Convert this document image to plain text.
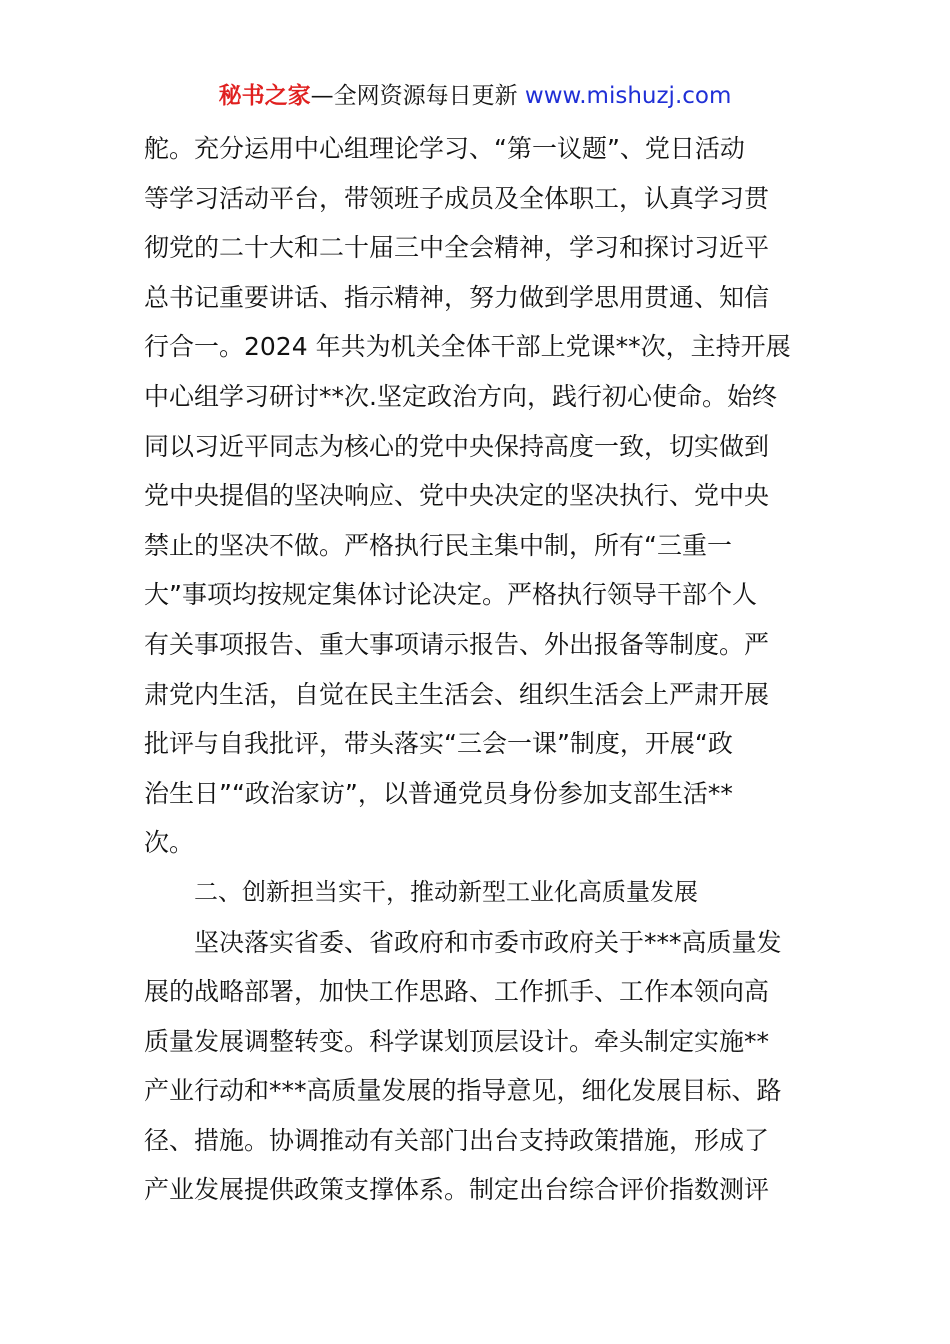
秘书之家—全网资源每日更新 www.mishuzj.com
舵。充分运用中心组理论学习、“第一议题”、党日活动
等学习活动平台，带领班子成员及全体职工，认真学习贯
彻党的二十大和二十届三中全会精神，学习和探讨习近平
总书记重要讲话、指示精神，努力做到学思用贯通、知信
行合一。2024 年共为机关全体干部上党课**次，主持开展
中心组学习研讨**次.坚定政治方向，践行初心使命。始终
同以习近平同志为核心的党中央保持高度一致，切实做到
党中央提倡的坚决响应、党中央决定的坚决执行、党中央
禁止的坚决不做。严格执行民主集中制，所有“三重一
大”事项均按规定集体讨论决定。严格执行领导干部个人
有关事项报告、重大事项请示报告、外出报备等制度。严
肃党内生活，自觉在民主生活会、组织生活会上严肃开展
批评与自我批评，带头落实“三会一课”制度，开展“政
治生日”“政治家访”，以普通党员身份参加支部生活**
次。
二、创新担当实干，推动新型工业化高质量发展
坚决落实省委、省政府和市委市政府关于***高质量发
展的战略部署，加快工作思路、工作抓手、工作本领向高
质量发展调整转变。科学谋划顶层设计。牵头制定实施**
产业行动和***高质量发展的指导意见，细化发展目标、路
径、措施。协调推动有关部门出台支持政策措施，形成了
产业发展提供政策支撑体系。制定出台综合评价指数测评
